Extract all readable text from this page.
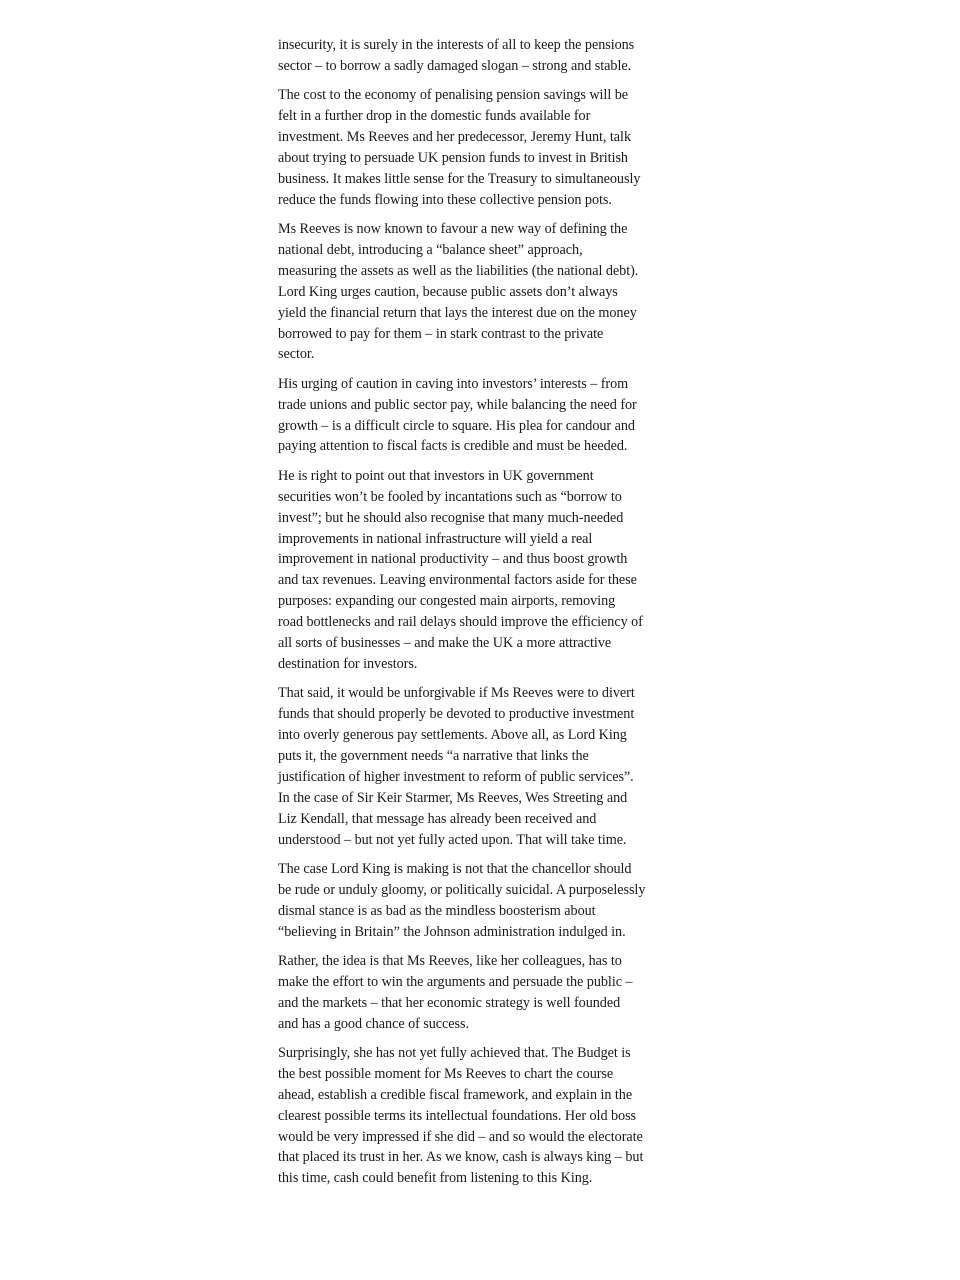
insecurity, it is surely in the interests of all to keep the pensions
sector – to borrow a sadly damaged slogan – strong and stable.

The cost to the economy of penalising pension savings will be
felt in a further drop in the domestic funds available for
investment. Ms Reeves and her predecessor, Jeremy Hunt, talk
about trying to persuade UK pension funds to invest in British
business. It makes little sense for the Treasury to simultaneously
reduce the funds flowing into these collective pension pots.

Ms Reeves is now known to favour a new way of defining the
national debt, introducing a “balance sheet” approach,
measuring the assets as well as the liabilities (the national debt).
Lord King urges caution, because public assets don’t always
yield the financial return that lays the interest due on the money
borrowed to pay for them – in stark contrast to the private
sector.

His urging of caution in caving into investors’ interests – from
trade unions and public sector pay, while balancing the need for
growth – is a difficult circle to square. His plea for candour and
paying attention to fiscal facts is credible and must be heeded.

He is right to point out that investors in UK government
securities won’t be fooled by incantations such as “borrow to
invest”; but he should also recognise that many much-needed
improvements in national infrastructure will yield a real
improvement in national productivity – and thus boost growth
and tax revenues. Leaving environmental factors aside for these
purposes: expanding our congested main airports, removing
road bottlenecks and rail delays should improve the efficiency of
all sorts of businesses – and make the UK a more attractive
destination for investors.

That said, it would be unforgivable if Ms Reeves were to divert
funds that should properly be devoted to productive investment
into overly generous pay settlements. Above all, as Lord King
puts it, the government needs “a narrative that links the
justification of higher investment to reform of public services”.
In the case of Sir Keir Starmer, Ms Reeves, Wes Streeting and
Liz Kendall, that message has already been received and
understood – but not yet fully acted upon. That will take time.

The case Lord King is making is not that the chancellor should
be rude or unduly gloomy, or politically suicidal. A purposelessly
dismal stance is as bad as the mindless boosterism about
“believing in Britain” the Johnson administration indulged in.

Rather, the idea is that Ms Reeves, like her colleagues, has to
make the effort to win the arguments and persuade the public –
and the markets – that her economic strategy is well founded
and has a good chance of success.

Surprisingly, she has not yet fully achieved that. The Budget is
the best possible moment for Ms Reeves to chart the course
ahead, establish a credible fiscal framework, and explain in the
clearest possible terms its intellectual foundations. Her old boss
would be very impressed if she did – and so would the electorate
that placed its trust in her. As we know, cash is always king – but
this time, cash could benefit from listening to this King.
